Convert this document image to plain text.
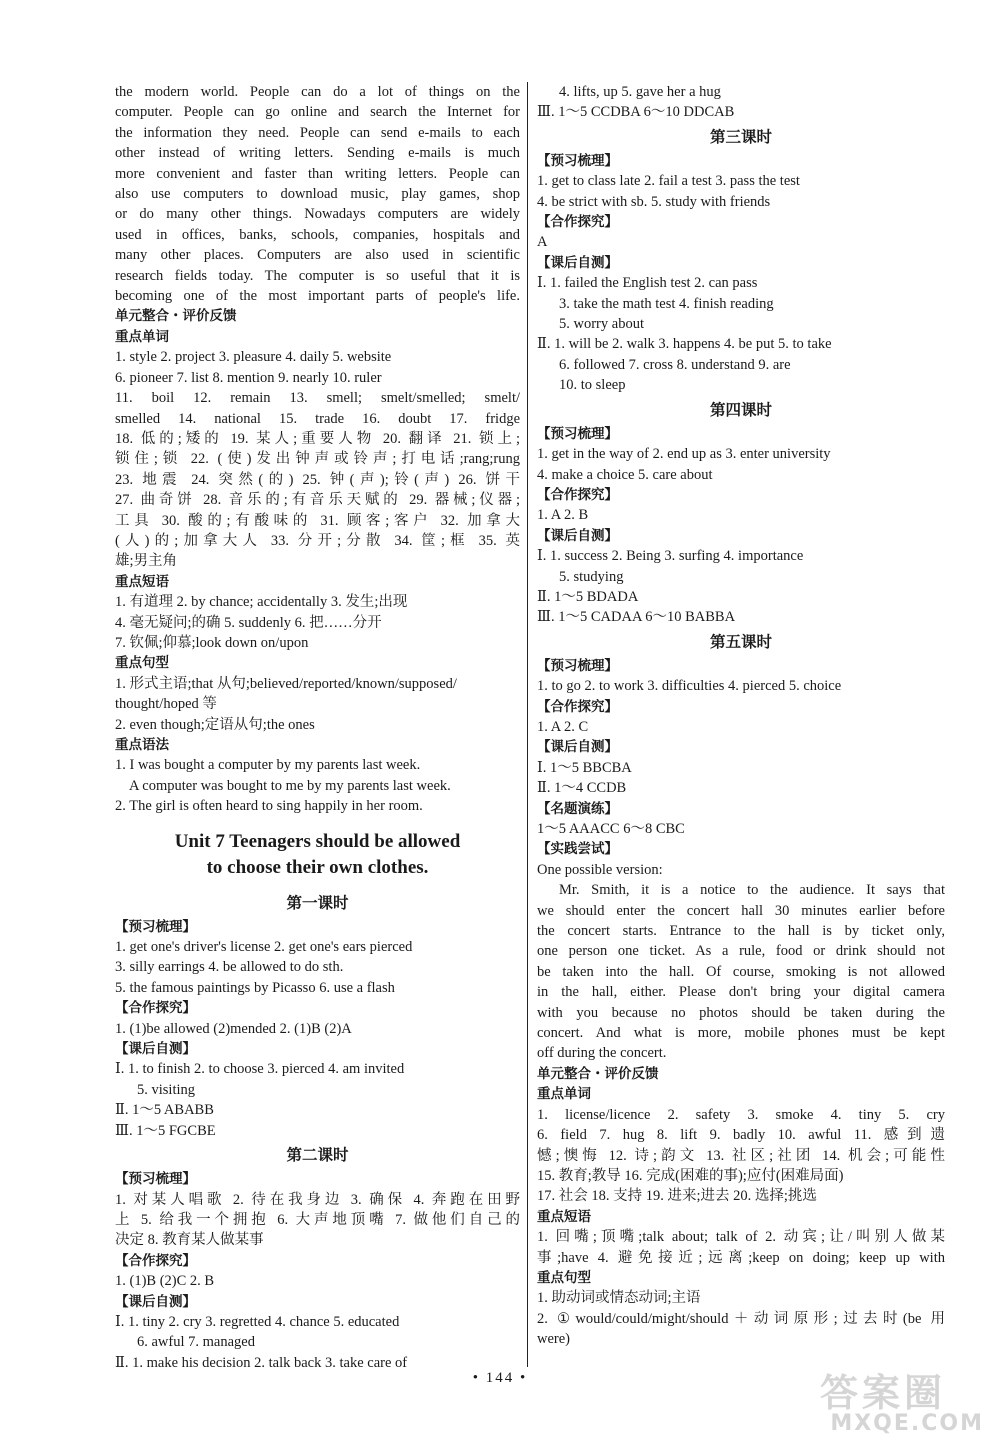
the modern world. People can do a lot of things on the
computer. People can go online and search the Internet for
the information they need. People can send e-mails to each
other instead of writing letters. Sending e-mails is much
more convenient and faster than writing letters. People can
also use computers to download music, play games, shop
or do many other things. Nowadays computers are widely
used in offices, banks, schools, companies, hospitals and
many other places. Computers are also used in scientific
research fields today. The computer is so useful that it is
becoming one of the most important parts of people's life.
单元整合・评价反馈
重点单词
1. style 2. project 3. pleasure 4. daily 5. website
6. pioneer 7. list 8. mention 9. nearly 10. ruler
11. boil 12. remain 13. smell; smelt/smelled; smelt/
smelled 14. national 15. trade 16. doubt 17. fridge
18. 低的;矮的 19. 某人;重要人物 20. 翻译 21. 锁上;
锁住;锁 22. (使)发出钟声或铃声;打电话;rang;rung
23. 地震 24. 突然(的) 25. 钟(声);铃(声) 26. 饼干
27. 曲奇饼 28. 音乐的;有音乐天赋的 29. 器械;仪器;
工具 30. 酸的;有酸味的 31. 顾客;客户 32. 加拿大
(人)的;加拿大人 33. 分开;分散 34. 筐;框 35. 英
雄;男主角
重点短语
1. 有道理 2. by chance; accidentally 3. 发生;出现
4. 毫无疑问;的确 5. suddenly 6. 把……分开
7. 钦佩;仰慕;look down on/upon
重点句型
1. 形式主语;that 从句;believed/reported/known/supposed/
thought/hoped 等
2. even though;定语从句;the ones
重点语法
1. I was bought a computer by my parents last week.
A computer was bought to me by my parents last week.
2. The girl is often heard to sing happily in her room.
Unit 7 Teenagers should be allowed
to choose their own clothes.
第一课时
【预习梳理】
1. get one's driver's license 2. get one's ears pierced
3. silly earrings 4. be allowed to do sth.
5. the famous paintings by Picasso 6. use a flash
【合作探究】
1. (1)be allowed (2)mended 2. (1)B (2)A
【课后自测】
Ⅰ. 1. to finish 2. to choose 3. pierced 4. am invited
5. visiting
Ⅱ. 1～5 ABABB
Ⅲ. 1～5 FGCBE
第二课时
【预习梳理】
1. 对某人唱歌 2. 待在我身边 3. 确保 4. 奔跑在田野
上 5. 给我一个拥抱 6. 大声地顶嘴 7. 做他们自己的
决定 8. 教育某人做某事
【合作探究】
1. (1)B (2)C 2. B
【课后自测】
Ⅰ. 1. tiny 2. cry 3. regretted 4. chance 5. educated
6. awful 7. managed
Ⅱ. 1. make his decision 2. talk back 3. take care of
4. lifts, up 5. gave her a hug
Ⅲ. 1～5 CCDBA 6～10 DDCAB
第三课时
【预习梳理】
1. get to class late 2. fail a test 3. pass the test
4. be strict with sb. 5. study with friends
【合作探究】
A
【课后自测】
Ⅰ. 1. failed the English test 2. can pass
3. take the math test 4. finish reading
5. worry about
Ⅱ. 1. will be 2. walk 3. happens 4. be put 5. to take
6. followed 7. cross 8. understand 9. are
10. to sleep
第四课时
【预习梳理】
1. get in the way of 2. end up as 3. enter university
4. make a choice 5. care about
【合作探究】
1. A 2. B
【课后自测】
Ⅰ. 1. success 2. Being 3. surfing 4. importance
5. studying
Ⅱ. 1～5 BDADA
Ⅲ. 1～5 CADAA 6～10 BABBA
第五课时
【预习梳理】
1. to go 2. to work 3. difficulties 4. pierced 5. choice
【合作探究】
1. A 2. C
【课后自测】
Ⅰ. 1～5 BBCBA
Ⅱ. 1～4 CCDB
【名题演练】
1～5 AAACC 6～8 CBC
【实践尝试】
One possible version:
Mr. Smith, it is a notice to the audience. It says that
we should enter the concert hall 30 minutes earlier before
the concert starts. Entrance to the hall is by ticket only,
one person one ticket. As a rule, food or drink should not
be taken into the hall. Of course, smoking is not allowed
in the hall, either. Please don't bring your digital camera
with you because no photos should be taken during the
concert. And what is more, mobile phones must be kept
off during the concert.
单元整合・评价反馈
重点单词
1. license/licence 2. safety 3. smoke 4. tiny 5. cry
6. field 7. hug 8. lift 9. badly 10. awful 11. 感到遗
憾;懊悔 12. 诗;韵文 13. 社区;社团 14. 机会;可能性
15. 教育;教导 16. 完成(困难的事);应付(困难局面)
17. 社会 18. 支持 19. 进来;进去 20. 选择;挑选
重点短语
1. 回嘴;顶嘴;talk about; talk of 2. 动宾;让/叫别人做某
事;have 4. 避免接近;远离;keep on doing; keep up with
重点句型
1. 助动词或情态动词;主语
2. ①would/could/might/should＋动词原形;过去时(be 用
were)
• 144 •	答案圈
MXQE.COM
